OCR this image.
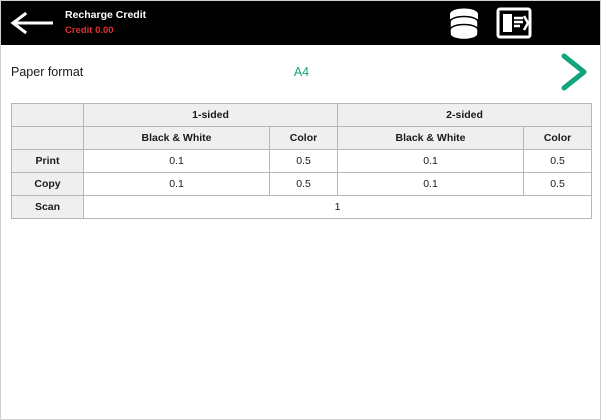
Recharge Credit
Credit 0.00
Paper format	A4
	1-sided		2-sided	
	Black & White	Color	Black & White	Color
Print	0.1	0.5	0.1	0.5
Copy	0.1	0.5	0.1	0.5
Scan	1			
